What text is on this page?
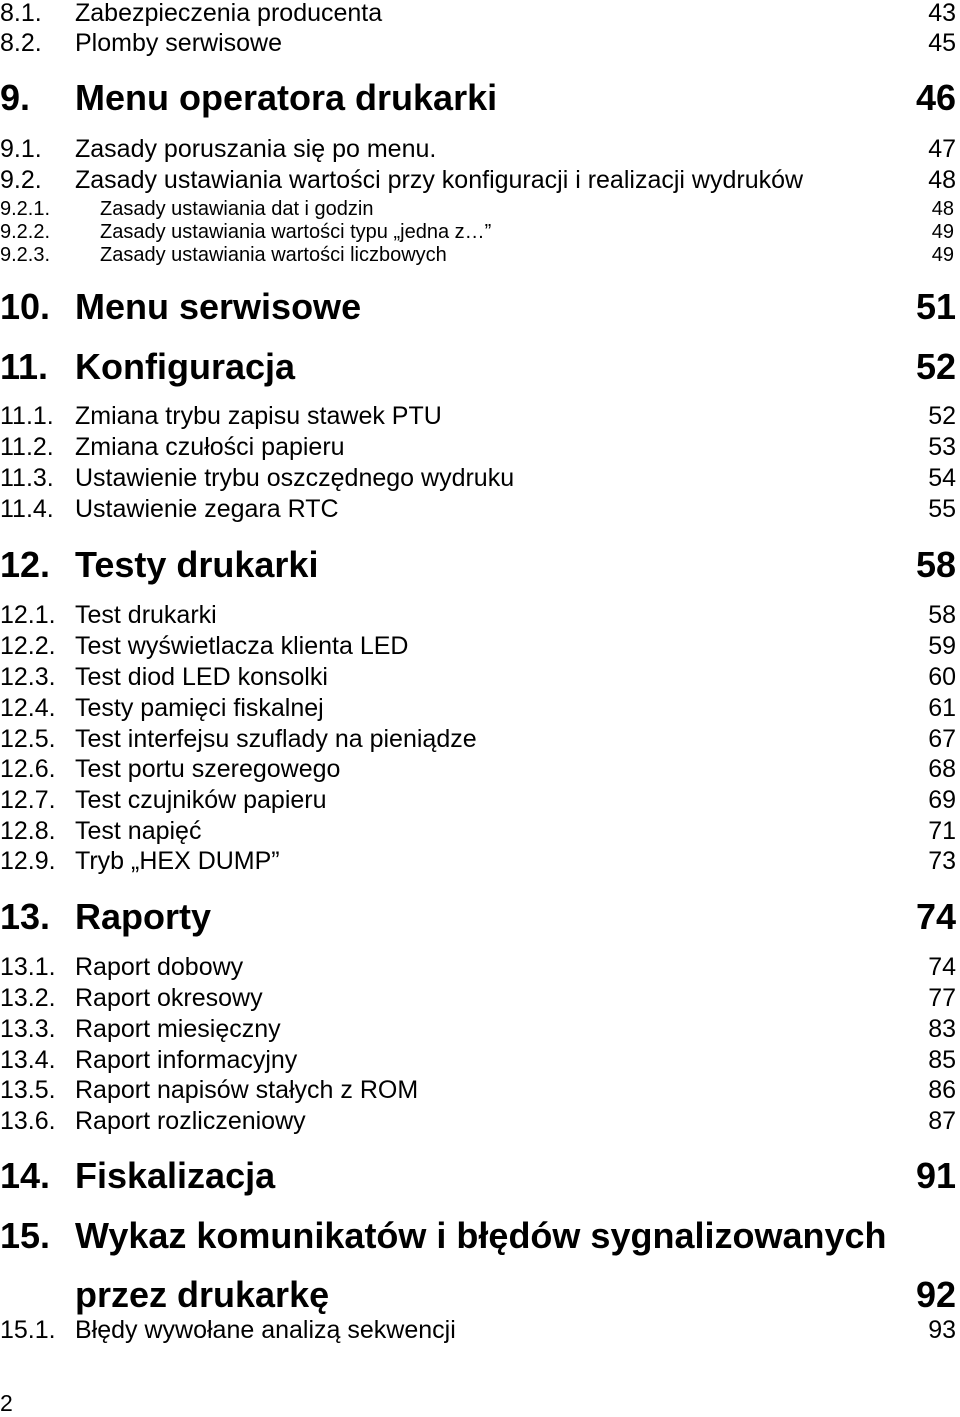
8.1. Zabezpieczenia producenta	43
8.2. Plomby serwisowe	45
9. Menu operatora drukarki	46
9.1. Zasady poruszania się po menu.	47
9.2. Zasady ustawiania wartości przy konfiguracji i realizacji wydruków	48
9.2.1. Zasady ustawiania dat i godzin	48
9.2.2. Zasady ustawiania wartości typu „jedna z…”	49
9.2.3. Zasady ustawiania wartości liczbowych	49
10. Menu serwisowe	51
11. Konfiguracja	52
11.1. Zmiana trybu zapisu stawek PTU	52
11.2. Zmiana czułości papieru	53
11.3. Ustawienie trybu oszczędnego wydruku	54
11.4. Ustawienie zegara RTC	55
12. Testy drukarki	58
12.1. Test drukarki	58
12.2. Test wyświetlacza klienta LED	59
12.3. Test diod LED konsolki	60
12.4. Testy pamięci fiskalnej	61
12.5. Test interfejsu szuflady na pieniądze	67
12.6. Test portu szeregowego	68
12.7. Test czujników papieru	69
12.8. Test napięć	71
12.9. Tryb „HEX DUMP”	73
13. Raporty	74
13.1. Raport dobowy	74
13.2. Raport okresowy	77
13.3. Raport miesięczny	83
13.4. Raport informacyjny	85
13.5. Raport napisów stałych z ROM	86
13.6. Raport rozliczeniowy	87
14. Fiskalizacja	91
15. Wykaz komunikatów i błędów sygnalizowanych
przez drukarkę	92
15.1. Błędy wywołane analizą sekwencji	93
2
